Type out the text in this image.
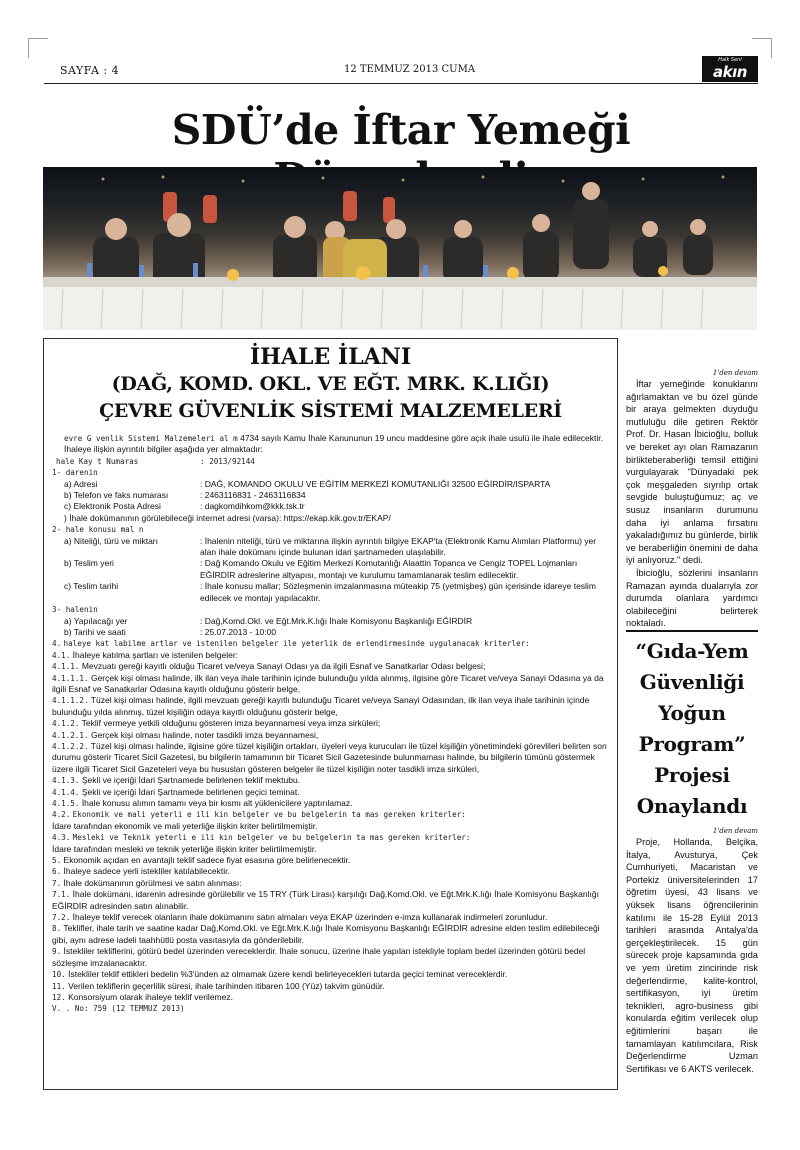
SAYFA : 4	12 TEMMUZ 2013 CUMA
Halk Seni
akın
SDÜ’de İftar Yemeği
İHALE İLANI
(DAĞ, KOMD. OKL. VE EĞT. MRK. K.LIĞI)
ÇEVRE GÜVENLİK SİSTEMİ MALZEMELERİ
evre G venlik Sistemi Malzemeleri al m 4734 sayılı Kamu İhale Kanununun 19 uncu maddesine göre açık ihale usulü ile ihale edilecektir. İhaleye ilişkin ayrıntılı bilgiler aşağıda yer almaktadır:
hale Kay t Numaras	: 2013/92144
1- darenin
a) Adresi	: DAĞ, KOMANDO OKULU VE EĞİTİM MERKEZİ KOMUTANLIĞI 32500 EĞİRDİR/ISPARTA
b) Telefon ve faks numarası	: 2463116831 - 2463116834
c) Elektronik Posta Adresi	: dagkomdihkom@kkk.tsk.tr
) İhale dokümanının görülebileceği internet adresi (varsa): https://ekap.kik.gov.tr/EKAP/
2- hale konusu mal n
a) Niteliği, türü ve miktarı	: İhalenin niteliği, türü ve miktarına ilişkin ayrıntılı bilgiye EKAP'ta (Elektronik Kamu Alımları Platformu) yer alan ihale dokümanı içinde bulunan idari şartnameden ulaşılabilir.
b) Teslim yeri	: Dağ Komando Okulu ve Eğitim Merkezi Komutanlığı Alaattin Topanca ve Cengiz TOPEL Lojmanları EĞİRDİR adreslerine altyapısı, montajı ve kurulumu tamamlanarak teslim edilecektir.
c) Teslim tarihi	: İhale konusu mallar; Sözleşmenin imzalanmasına müteakip 75 (yetmişbeş) gün içerisinde idareye teslim edilecek ve montajı yapılacaktır.
3- halenin
a) Yapılacağı yer	: Dağ,Komd.Okl. ve Eğt.Mrk.K.lığı İhale Komisyonu Başkanlığı EĞİRDİR
b) Tarihi ve saati	: 25.07.2013 - 10:00
4. haleye kat labilme artlar ve istenilen belgeler ile yeterlik de erlendirmesinde uygulanacak kriterler:
4.1. İhaleye katılma şartları ve istenilen belgeler:
4.1.1. Mevzuatı gereği kayıtlı olduğu Ticaret ve/veya Sanayi Odası ya da ilgili Esnaf ve Sanatkarlar Odası belgesi;
4.1.1.1. Gerçek kişi olması halinde, ilk ilan veya ihale tarihinin içinde bulunduğu yılda alınmış, ilgisine göre Ticaret ve/veya Sanayi Odasına ya da ilgili Esnaf ve Sanatkarlar Odasına kayıtlı olduğunu gösterir belge,
4.1.1.2. Tüzel kişi olması halinde, ilgili mevzuatı gereği kayıtlı bulunduğu Ticaret ve/veya Sanayi Odasından, ilk ilan veya ihale tarihinin içinde bulunduğu yılda alınmış, tüzel kişiliğin odaya kayıtlı olduğunu gösterir belge,
4.1.2. Teklif vermeye yetkili olduğunu gösteren imza beyannamesi veya imza sirküleri;
4.1.2.1. Gerçek kişi olması halinde, noter tasdikli imza beyannamesi,
4.1.2.2. Tüzel kişi olması halinde, ilgisine göre tüzel kişiliğin ortakları, üyeleri veya kurucuları ile tüzel kişiliğin yönetimindeki görevlileri belirten son durumu gösterir Ticaret Sicil Gazetesi, bu bilgilerin tamamının bir Ticaret Sicil Gazetesinde bulunmaması halinde, bu bilgilerin tümünü göstermek üzere ilgili Ticaret Sicil Gazeteleri veya bu hususları gösteren belgeler ile tüzel kişiliğin noter tasdikli imza sirküleri,
4.1.3. Şekli ve içeriği İdari Şartnamede belirlenen teklif mektubu.
4.1.4. Şekli ve içeriği İdari Şartnamede belirlenen geçici teminat.
4.1.5. İhale konusu alımın tamamı veya bir kısmı alt yüklenicilere yaptırılamaz.
4.2. Ekonomik ve mali yeterli e ili kin belgeler ve bu belgelerin ta mas gereken kriterler:
İdare tarafından ekonomik ve mali yeterliğe ilişkin kriter belirtilmemiştir.
4.3. Mesleki ve Teknik yeterli e ili kin belgeler ve bu belgelerin ta mas gereken kriterler:
İdare tarafından mesleki ve teknik yeterliğe ilişkin kriter belirtilmemiştir.
5. Ekonomik açıdan en avantajlı teklif sadece fiyat esasına göre belirlenecektir.
6. İhaleye sadece yerli istekliler katılabilecektir.
7. İhale dokümanının görülmesi ve satın alınması:
7.1. İhale dokümanı, idarenin adresinde görülebilir ve 15 TRY (Türk Lirası) karşılığı Dağ.Komd.Okl. ve Eğt.Mrk.K.lığı İhale Komisyonu Başkanlığı EĞİRDİR adresinden satın alınabilir.
7.2. İhaleye teklif verecek olanların ihale dokümanını satın almaları veya EKAP üzerinden e-imza kullanarak indirmeleri zorunludur.
8. Teklifler, ihale tarih ve saatine kadar Dağ,Komd.Okl. ve Eğt.Mrk.K.lığı İhale Komisyonu Başkanlığı EĞİRDİR adresine elden teslim edilebileceği gibi, aynı adrese iadeli taahhütlü posta vasıtasıyla da gönderilebilir.
9. İstekliler tekliflerini, götürü bedel üzerinden vereceklerdir. İhale sonucu, üzerine ihale yapılan istekliyle toplam bedel üzerinden götürü bedel sözleşme imzalanacaktır.
10. İstekliler teklif ettikleri bedelin %3'ünden az olmamak üzere kendi belirleyecekleri tutarda geçici teminat vereceklerdir.
11. Verilen tekliflerin geçerlilik süresi, ihale tarihinden itibaren 100 (Yüz) takvim günüdür.
12. Konsorsiyum olarak ihaleye teklif verilemez.
V. . No: 759 (12 TEMMUZ 2013)
1'den devam

İftar yemeğinde konuklarını ağırlamaktan ve bu özel günde bir araya gelmekten duyduğu mutluluğu dile getiren Rektör Prof. Dr. Hasan İbicioğlu, bolluk ve bereket ayı olan Ramazanın birlikteberaberliği temsil ettiğini vurgulayarak "Dünyadaki pek çok meşgaleden sıyrılıp ortak sevgide buluştuğumuz; aç ve susuz insanların durumunu daha iyi anlama fırsatını yakaladığımız bu günlerde, birlik ve beraberliğin önemini de daha iyi anlıyoruz." dedi.

İbicioğlu, sözlerini insanların Ramazan ayında dualarıyla zor durumda olanlara yardımcı olabileceğini belirterek noktaladı.

“Gıda-Yem Güvenliği Yoğun Program” Projesi Onaylandı
1'den devam

Proje, Hollanda, Belçika, İtalya, Avusturya, Çek Cumhuriyeti, Macaristan ve Portekiz üniversitelerinden 17 öğretim üyesi, 43 lisans ve yüksek lisans öğrencilerinin katılımı ile 15-28 Eylül 2013 tarihleri arasında Antalya'da gerçekleştirilecek. 15 gün sürecek proje kapsamında gıda ve yem üretim zincirinde risk değerlendirme, kalite-kontrol, sertifikasyon, iyi üretim teknikleri, agro-business gibi konularda eğitim verilecek olup eğitimlerini başarı ile tamamlayan katılımcılara, Risk Değerlendirme Uzman Sertifikası ve 6 AKTS verilecek.
